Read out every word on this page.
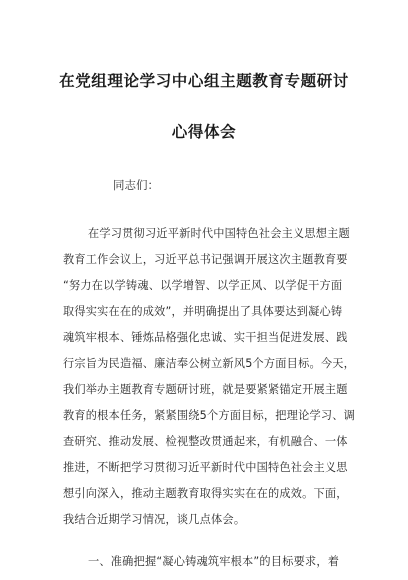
在党组理论学习中心组主题教育专题研讨
心得体会
同志们：
在学习贯彻习近平新时代中国特色社会主义思想主题
教育工作会议上，习近平总书记强调开展这次主题教育要
“努力在以学铸魂、以学增智、以学正风、以学促干方面
取得实实在在的成效”，并明确提出了具体要达到凝心铸
魂筑牢根本、锤炼品格强化忠诚、实干担当促进发展、践
行宗旨为民造福、廉洁奉公树立新风5个方面目标。今天，
我们举办主题教育专题研讨班，就是要紧紧锚定开展主题
教育的根本任务，紧紧围绕5个方面目标，把理论学习、调
查研究、推动发展、检视整改贯通起来，有机融合、一体
推进，不断把学习贯彻习近平新时代中国特色社会主义思
想引向深入，推动主题教育取得实实在在的成效。下面，
我结合近期学习情况，谈几点体会。
一、准确把握“凝心铸魂筑牢根本”的目标要求，着
